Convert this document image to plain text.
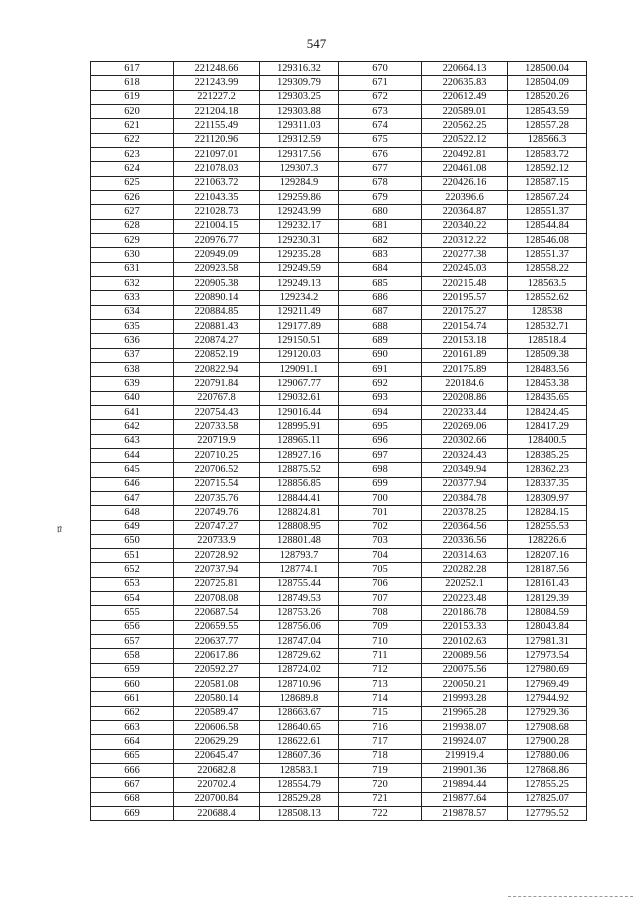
547
ﾛ
617	221248.66	129316.32	670	220664.13	128500.04
618	221243.99	129309.79	671	220635.83	128504.09
619	221227.2	129303.25	672	220612.49	128520.26
620	221204.18	129303.88	673	220589.01	128543.59
621	221155.49	129311.03	674	220562.25	128557.28
622	221120.96	129312.59	675	220522.12	128566.3
623	221097.01	129317.56	676	220492.81	128583.72
624	221078.03	129307.3	677	220461.08	128592.12
625	221063.72	129284.9	678	220426.16	128587.15
626	221043.35	129259.86	679	220396.6	128567.24
627	221028.73	129243.99	680	220364.87	128551.37
628	221004.15	129232.17	681	220340.22	128544.84
629	220976.77	129230.31	682	220312.22	128546.08
630	220949.09	129235.28	683	220277.38	128551.37
631	220923.58	129249.59	684	220245.03	128558.22
632	220905.38	129249.13	685	220215.48	128563.5
633	220890.14	129234.2	686	220195.57	128552.62
634	220884.85	129211.49	687	220175.27	128538
635	220881.43	129177.89	688	220154.74	128532.71
636	220874.27	129150.51	689	220153.18	128518.4
637	220852.19	129120.03	690	220161.89	128509.38
638	220822.94	129091.1	691	220175.89	128483.56
639	220791.84	129067.77	692	220184.6	128453.38
640	220767.8	129032.61	693	220208.86	128435.65
641	220754.43	129016.44	694	220233.44	128424.45
642	220733.58	128995.91	695	220269.06	128417.29
643	220719.9	128965.11	696	220302.66	128400.5
644	220710.25	128927.16	697	220324.43	128385.25
645	220706.52	128875.52	698	220349.94	128362.23
646	220715.54	128856.85	699	220377.94	128337.35
647	220735.76	128844.41	700	220384.78	128309.97
648	220749.76	128824.81	701	220378.25	128284.15
649	220747.27	128808.95	702	220364.56	128255.53
650	220733.9	128801.48	703	220336.56	128226.6
651	220728.92	128793.7	704	220314.63	128207.16
652	220737.94	128774.1	705	220282.28	128187.56
653	220725.81	128755.44	706	220252.1	128161.43
654	220708.08	128749.53	707	220223.48	128129.39
655	220687.54	128753.26	708	220186.78	128084.59
656	220659.55	128756.06	709	220153.33	128043.84
657	220637.77	128747.04	710	220102.63	127981.31
658	220617.86	128729.62	711	220089.56	127973.54
659	220592.27	128724.02	712	220075.56	127980.69
660	220581.08	128710.96	713	220050.21	127969.49
661	220580.14	128689.8	714	219993.28	127944.92
662	220589.47	128663.67	715	219965.28	127929.36
663	220606.58	128640.65	716	219938.07	127908.68
664	220629.29	128622.61	717	219924.07	127900.28
665	220645.47	128607.36	718	219919.4	127880.06
666	220682.8	128583.1	719	219901.36	127868.86
667	220702.4	128554.79	720	219894.44	127855.25
668	220700.84	128529.28	721	219877.64	127825.07
669	220688.4	128508.13	722	219878.57	127795.52
